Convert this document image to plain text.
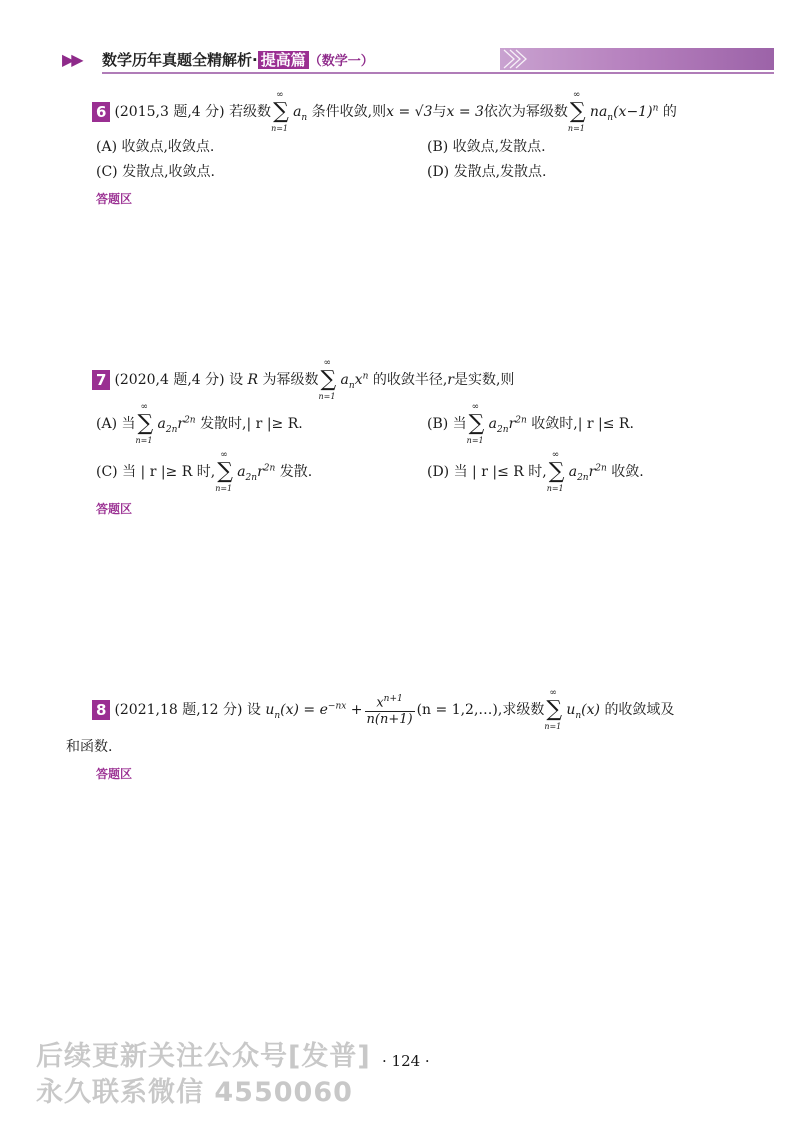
▶▶ 数学历年真题全精解析· 提高篇 （数学一）
6 (2015,3 题,4 分) 若级数
∞
∑
n=1
$a_n$ 条件收敛,则x = √3与x = 3依次为幂级数
∞
∑
n=1
$na_n(x-1)^n$ 的
(A) 收敛点,收敛点.	(B) 收敛点,发散点.
(C) 发散点,收敛点.	(D) 发散点,发散点.
答题区
7 (2020,4 题,4 分) 设 R 为幂级数
∞
∑
n=1
$a_nx^n$ 的收敛半径,r是实数,则
(A) 当
∞
∑
n=1
$a_{2n}r^{2n}$ 发散时,| r |≥ R.	(B) 当
∞
∑
n=1
$a_{2n}r^{2n}$ 收敛时,| r |≤ R.
(C) 当 | r |≥ R 时,
∞
∑
n=1
$a_{2n}r^{2n}$ 发散.	(D) 当 | r |≤ R 时,
∞
∑
n=1
$a_{2n}r^{2n}$ 收敛.
答题区
8 (2021,18 题,12 分) 设 $u_n(x) = e^{-nx} + \frac{x^{n+1}}{n(n+1)} (n$ = 1,2,…),求级数
∞
∑
n=1
$u_n(x)$ 的收敛域及
和函数.
答题区
· 124 ·
后续更新关注公众号[发普]
永久联系微信 4550060
